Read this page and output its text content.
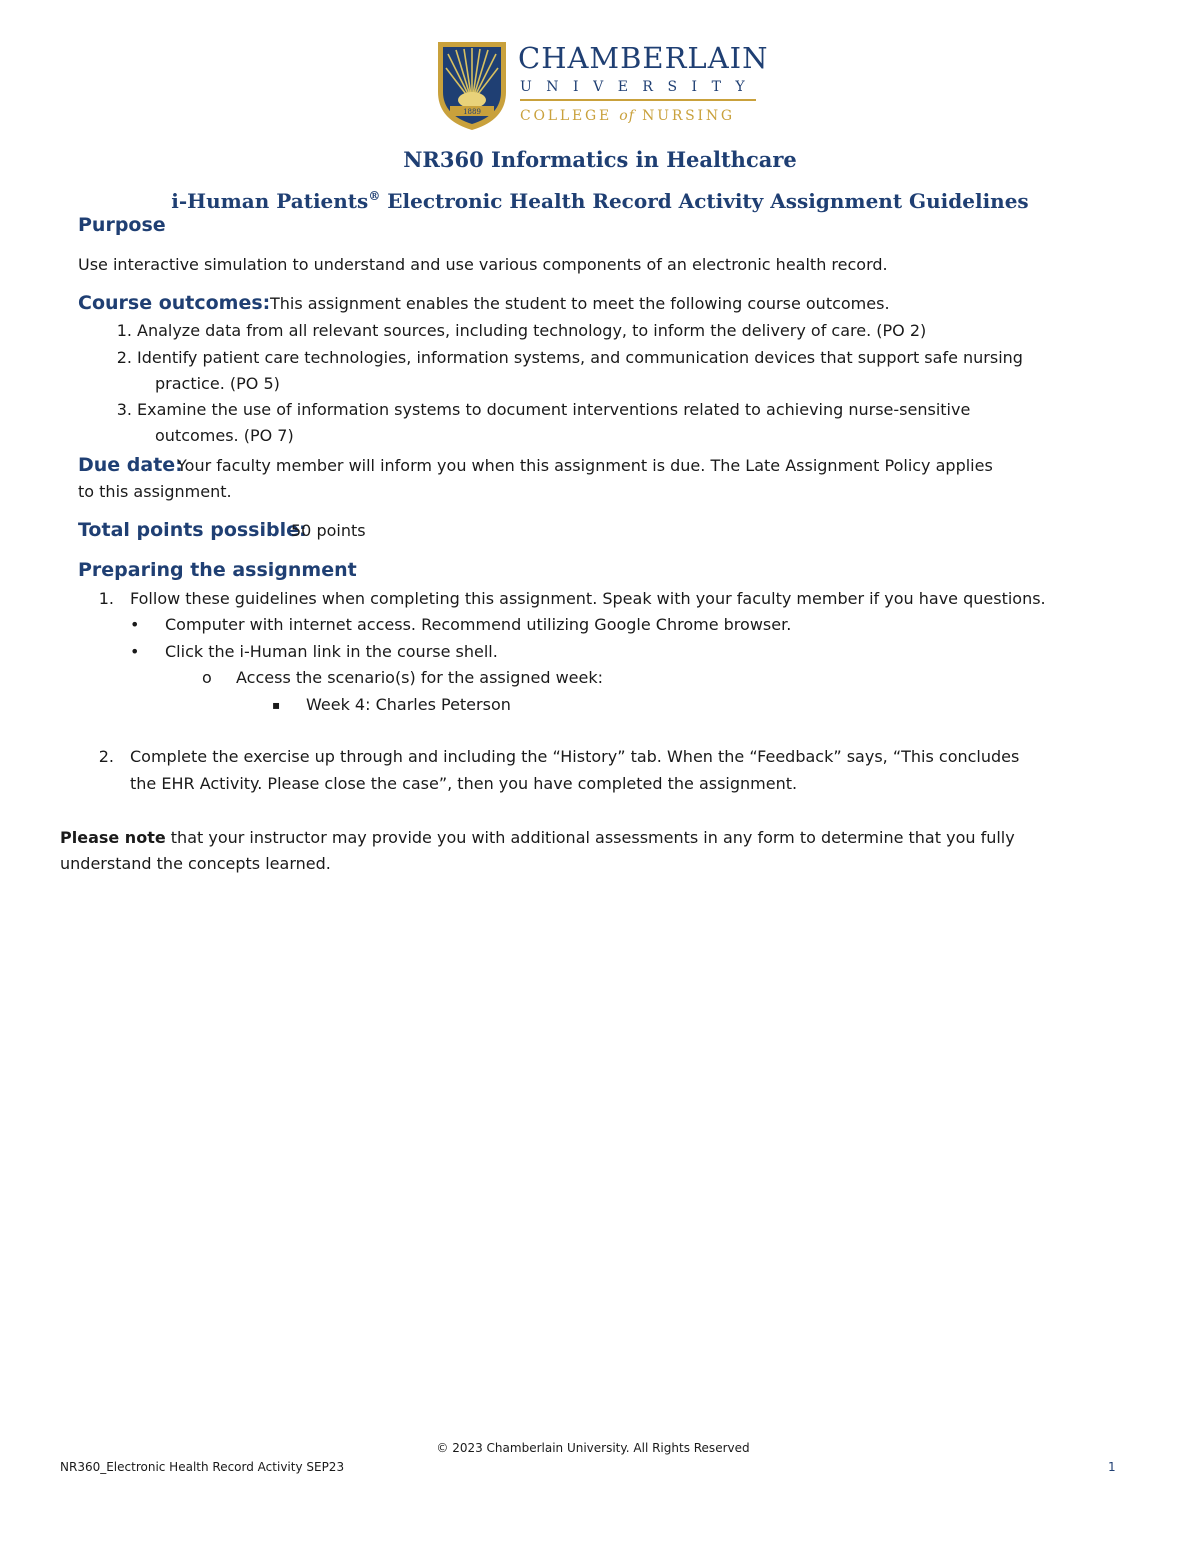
1889
CHAMBERLAIN
UNIVERSITY
COLLEGE of NURSING
NR360 Informatics in Healthcare
i-Human Patients® Electronic Health Record Activity Assignment Guidelines
Purpose
Use interactive simulation to understand and use various components of an electronic health record.
Course outcomes: This assignment enables the student to meet the following course outcomes.
1. Analyze data from all relevant sources, including technology, to inform the delivery of care. (PO 2)
2. Identify patient care technologies, information systems, and communication devices that support safe nursing
practice. (PO 5)
3. Examine the use of information systems to document interventions related to achieving nurse-sensitive
outcomes. (PO 7)
Due date:
Your faculty member will inform you when this assignment is due. The Late Assignment Policy applies
to this assignment.
Total points possible:
50 points
Preparing the assignment
1. Follow these guidelines when completing this assignment. Speak with your faculty member if you have questions.
• Computer with internet access. Recommend utilizing Google Chrome browser.
• Click the i-Human link in the course shell.
o Access the scenario(s) for the assigned week:
▪ Week 4: Charles Peterson
2. Complete the exercise up through and including the “History” tab. When the “Feedback” says, “This concludes
the EHR Activity. Please close the case”, then you have completed the assignment.
Please note that your instructor may provide you with additional assessments in any form to determine that you fully
understand the concepts learned.
© 2023 Chamberlain University. All Rights Reserved
NR360_Electronic Health Record Activity SEP23	1
